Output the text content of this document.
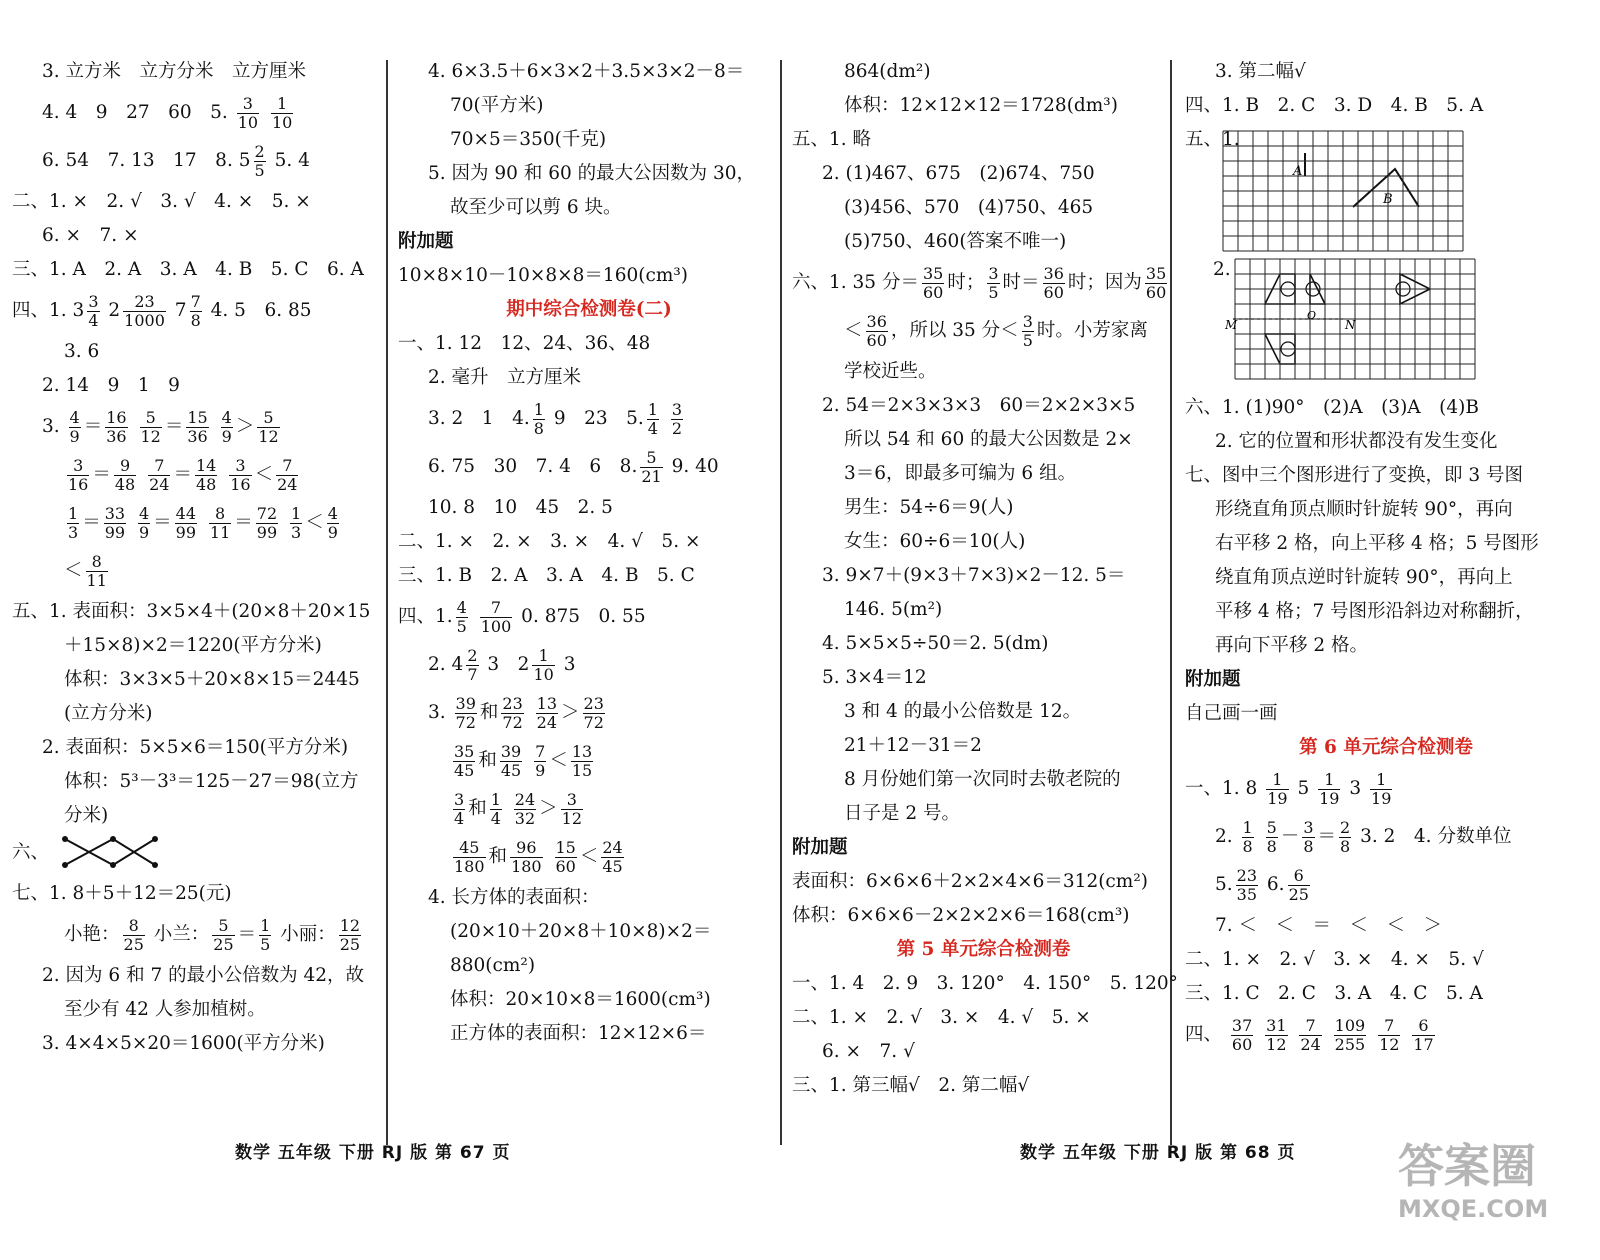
3. 立方米　立方分米　立方厘米
4. 4　9　27　60　5. $\frac{3}{10}$
$\frac{1}{10}$
6. 54　7. 13　17　8. $5 \frac{2}{5} 5$. 4
二、1. ×　2. √　3. √　4. ×　5. ×
6. ×　7. ×
三、1. A　2. A　3. A　4. B　5. C　6. A
四、1. $3 \frac{3}{4} 2 \frac{23}{1000} 7 \frac{7}{8} 4$. 5　6. 85
3. 6
2. 14　9　1　9
3. $\frac{4}{9} = \frac{16}{36}$
$\frac{5}{12} = \frac{15}{36}$
$\frac{4}{9} > \frac{5}{12}$
$\frac{3}{16} = \frac{9}{48}$
$\frac{7}{24} = \frac{14}{48}$
$\frac{3}{16} < \frac{7}{24}$
$\frac{1}{3} = \frac{33}{99}$
$\frac{4}{9} = \frac{44}{99}$
$\frac{8}{11} = \frac{72}{99}$
$\frac{1}{3} < \frac{4}{9}$
＜ $\frac{8}{11}$
五、1. 表面积：3×5×4＋(20×8＋20×15
＋15×8)×2＝1220(平方分米)
体积：3×3×5＋20×8×15＝2445
(立方分米)
2. 表面积：5×5×6＝150(平方分米)
体积：5³－3³＝125－27＝98(立方
分米)
六、
七、1. 8＋5＋12＝25(元)
小艳： $\frac{8}{25}$ 小兰： $\frac{5}{25} = \frac{1}{5}$ 小丽： $\frac{12}{25}$
2. 因为 6 和 7 的最小公倍数为 42，故
至少有 42 人参加植树。
3. 4×4×5×20＝1600(平方分米)
4. 6×3.5＋6×3×2＋3.5×3×2－8＝
70(平方米)
70×5＝350(千克)
5. 因为 90 和 60 的最大公因数为 30，
故至少可以剪 6 块。
附加题
10×8×10－10×8×8＝160(cm³)
期中综合检测卷(二)
一、1. 12　12、24、36、48
2. 毫升　立方厘米
3. 2　1　4. $\frac{1}{8} 9$　23　5. $\frac{1}{4}$
$\frac{3}{2}$
6. 75　30　7. 4　6　8. $\frac{5}{21} 9$. 40
10. 8　10　45　2. 5
二、1. ×　2. ×　3. ×　4. √　5. ×
三、1. B　2. A　3. A　4. B　5. C
四、1. $\frac{4}{5}$
$\frac{7}{100} 0$. 875　0. 55
2. $4 \frac{2}{7} 3$　$2 \frac{1}{10} 3$
3. $\frac{39}{72}$ 和 $\frac{23}{72}$
$\frac{13}{24} > \frac{23}{72}$
$\frac{35}{45}$ 和 $\frac{39}{45}$
$\frac{7}{9} < \frac{13}{15}$
$\frac{3}{4}$ 和 $\frac{1}{4}$
$\frac{24}{32} > \frac{3}{12}$
$\frac{45}{180}$ 和 $\frac{96}{180}$
$\frac{15}{60} < \frac{24}{45}$
4. 长方体的表面积：
(20×10＋20×8＋10×8)×2＝
880(cm²)
体积：20×10×8＝1600(cm³)
正方体的表面积：12×12×6＝
864(dm²)
体积：12×12×12＝1728(dm³)
五、1. 略
2. (1)467、675　(2)674、750
(3)456、570　(4)750、465
(5)750、460(答案不唯一)
六、1. 35 分＝ $\frac{35}{60}$ 时； $\frac{3}{5}$ 时＝ $\frac{36}{60}$ 时；因为 $\frac{35}{60}$
＜ $\frac{36}{60}$ ，所以 35 分＜ $\frac{3}{5}$ 时。小芳家离
学校近些。
2. 54＝2×3×3×3　60＝2×2×3×5
所以 54 和 60 的最大公因数是 2×
3＝6，即最多可编为 6 组。
男生：54÷6＝9(人)
女生：60÷6＝10(人)
3. 9×7＋(9×3＋7×3)×2－12. 5＝
146. 5(m²)
4. 5×5×5÷50＝2. 5(dm)
5. 3×4＝12
3 和 4 的最小公倍数是 12。
21＋12－31＝2
8 月份她们第一次同时去敬老院的
日子是 2 号。
附加题
表面积：6×6×6＋2×2×4×6＝312(cm²)
体积：6×6×6－2×2×2×6＝168(cm³)
第 5 单元综合检测卷
一、1. 4　2. 9　3. 120°　4. 150°　5. 120°
二、1. ×　2. √　3. ×　4. √　5. ×
6. ×　7. √
三、1. 第三幅√　2. 第二幅√
3. 第二幅√
四、1. B　2. C　3. D　4. B　5. A
五、1.
A
B
2.
M	N
O
六、1. (1)90°　(2)A　(3)A　(4)B
2. 它的位置和形状都没有发生变化
七、图中三个图形进行了变换，即 3 号图
形绕直角顶点顺时针旋转 90°，再向
右平移 2 格，向上平移 4 格；5 号图形
绕直角顶点逆时针旋转 90°，再向上
平移 4 格；7 号图形沿斜边对称翻折，
再向下平移 2 格。
附加题
自己画一画
第 6 单元综合检测卷
一、1. $8 \frac{1}{19} 5 \frac{1}{19} 3 \frac{1}{19}$
2. $\frac{1}{8}$
$\frac{5}{8} - \frac{3}{8} = \frac{2}{8} 3$. 2　4. 分数单位
5. $\frac{23}{35} 6$. $\frac{6}{25}$
7. ＜　＜　＝　＜　＜　＞
二、1. ×　2. √　3. ×　4. ×　5. √
三、1. C　2. C　3. A　4. C　5. A
四、 $\frac{37}{60}$
$\frac{31}{12}$
$\frac{7}{24}$
$\frac{109}{255}$
$\frac{7}{12}$
$\frac{6}{17}$
数学 五年级 下册 RJ 版 第 67 页	数学 五年级 下册 RJ 版 第 68 页 答案圈
MXQE.COM
